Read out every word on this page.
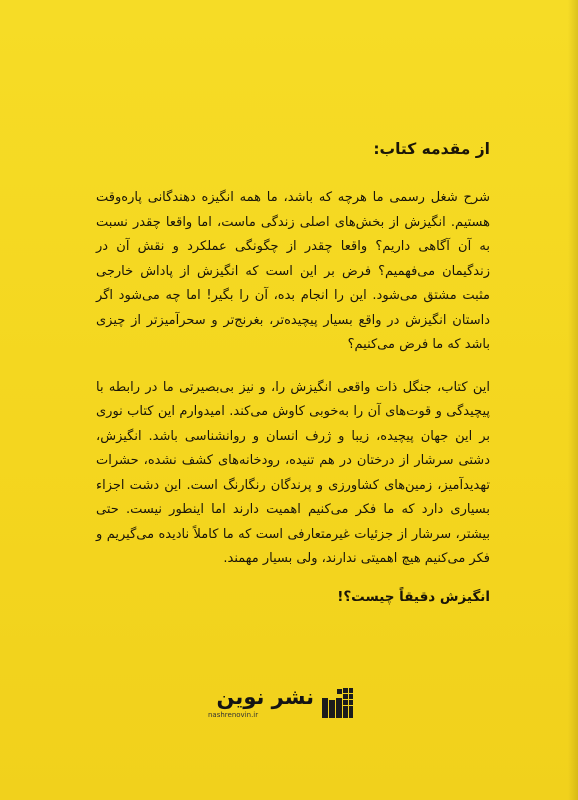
از مقدمه کتاب:

شرح شغل رسمی ما هرچه که باشد، ما همه انگیزه دهندگانی پاره‌وقت هستیم. انگیزش از بخش‌های اصلی زندگی ماست، اما واقعا چقدر نسبت به آن آگاهی داریم؟ واقعا چقدر از چگونگی عملکرد و نقش آن در زندگیمان می‌فهمیم؟ فرض بر این است که انگیزش از پاداش خارجی مثبت مشتق می‌شود. این را انجام بده، آن را بگیر! اما چه می‌شود اگر داستان انگیزش در واقع بسیار پیچیده‌تر، بغرنج‌تر و سحرآمیزتر از چیزی باشد که ما فرض می‌کنیم؟

این کتاب، جنگل ذات واقعی انگیزش را، و نیز بی‌بصیرتی ما در رابطه با پیچیدگی و قوت‌های آن را به‌خوبی کاوش می‌کند. امیدوارم این کتاب نوری بر این جهان پیچیده، زیبا و ژرف انسان و روانشناسی باشد. انگیزش، دشتی سرشار از درختان در هم تنیده، رودخانه‌های کشف نشده، حشرات تهدیدآمیز، زمین‌های کشاورزی و پرندگان رنگارنگ است. این دشت اجزاء بسیاری دارد که ما فکر می‌کنیم اهمیت دارند اما اینطور نیست. حتی بیشتر، سرشار از جزئیات غیرمتعارفی است که ما کاملاً نادیده می‌گیریم و فکر می‌کنیم هیچ اهمیتی ندارند، ولی بسیار مهمند.

انگیزش دقیقاً چیست؟!
نشر نوین
nashrenovin.ir
